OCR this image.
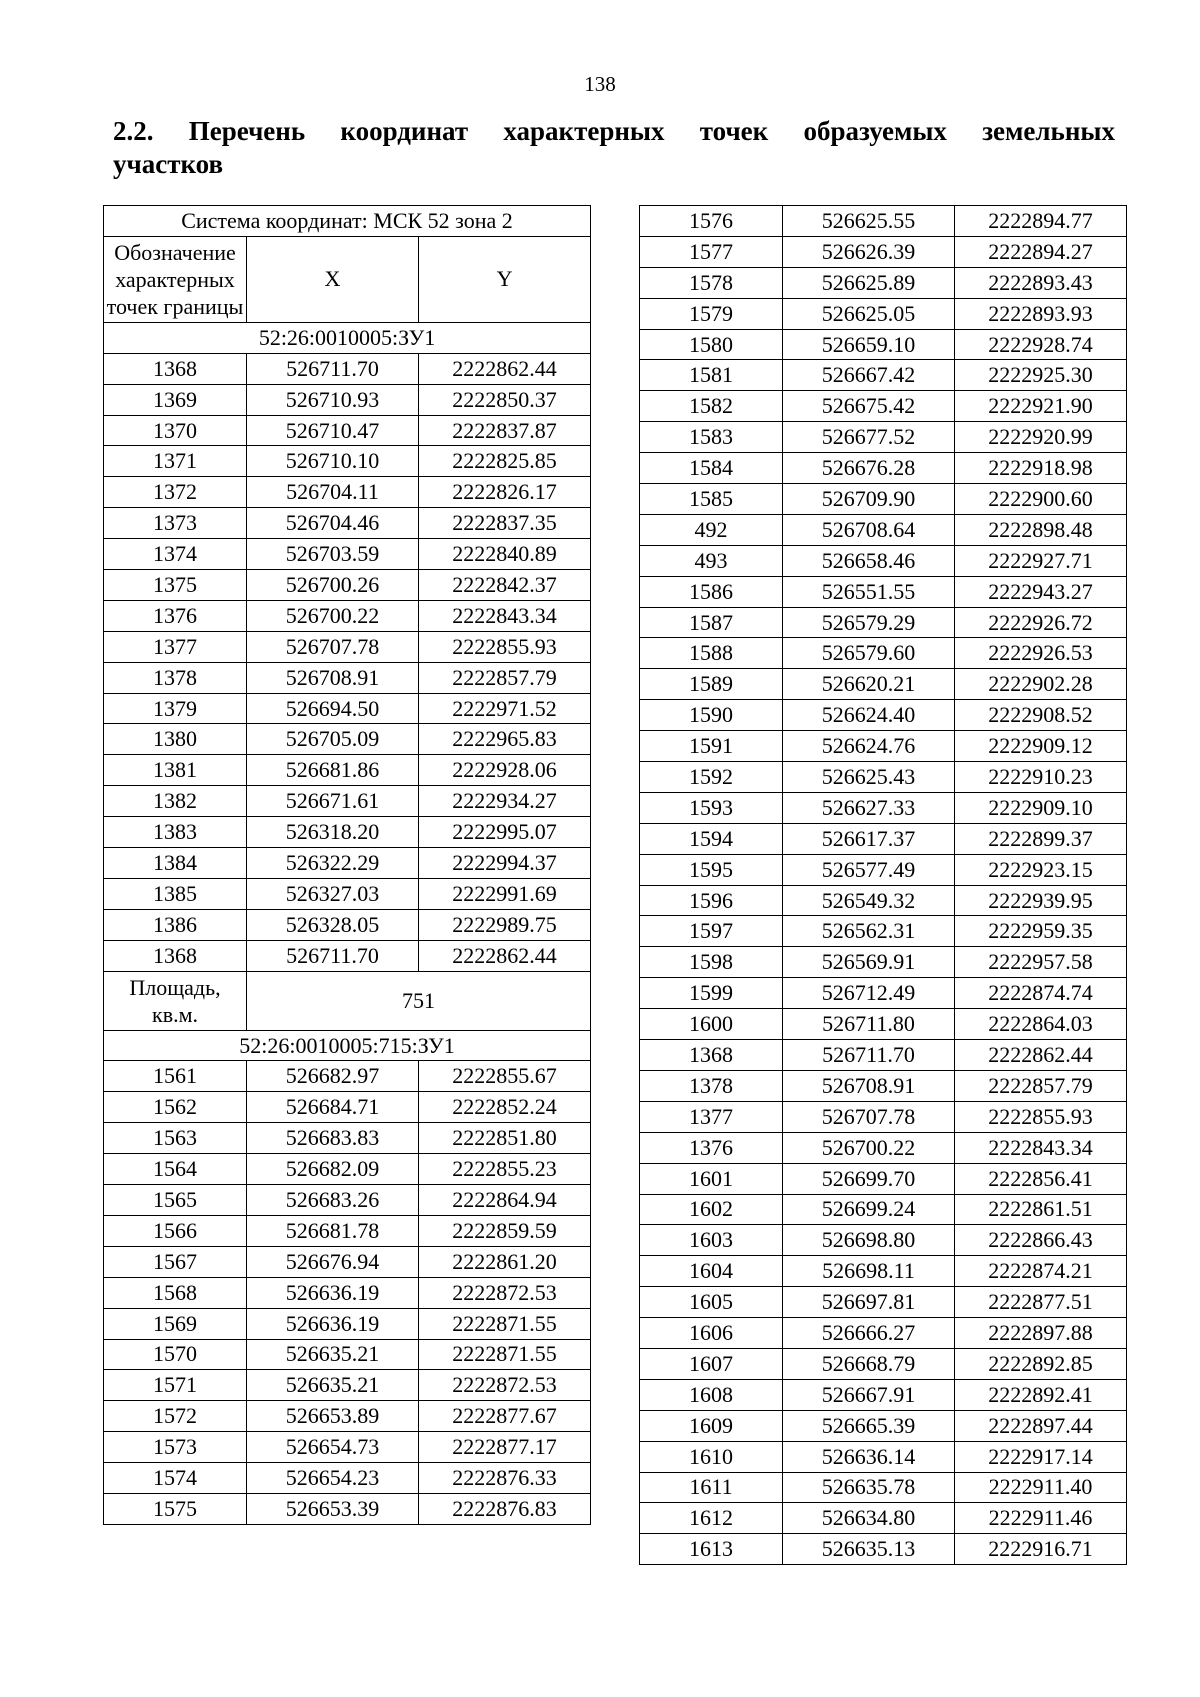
138
2.2. Перечень координат характерных точек образуемых земельных
участков
Система координат: МСК 52 зона 2		
Обозначение характерных точек границы	X	Y
52:26:0010005:ЗУ1		
1368	526711.70	2222862.44
1369	526710.93	2222850.37
1370	526710.47	2222837.87
1371	526710.10	2222825.85
1372	526704.11	2222826.17
1373	526704.46	2222837.35
1374	526703.59	2222840.89
1375	526700.26	2222842.37
1376	526700.22	2222843.34
1377	526707.78	2222855.93
1378	526708.91	2222857.79
1379	526694.50	2222971.52
1380	526705.09	2222965.83
1381	526681.86	2222928.06
1382	526671.61	2222934.27
1383	526318.20	2222995.07
1384	526322.29	2222994.37
1385	526327.03	2222991.69
1386	526328.05	2222989.75
1368	526711.70	2222862.44
Площадь, кв.м.	751	
52:26:0010005:715:ЗУ1		
1561	526682.97	2222855.67
1562	526684.71	2222852.24
1563	526683.83	2222851.80
1564	526682.09	2222855.23
1565	526683.26	2222864.94
1566	526681.78	2222859.59
1567	526676.94	2222861.20
1568	526636.19	2222872.53
1569	526636.19	2222871.55
1570	526635.21	2222871.55
1571	526635.21	2222872.53
1572	526653.89	2222877.67
1573	526654.73	2222877.17
1574	526654.23	2222876.33
1575	526653.39	2222876.83
1576	526625.55	2222894.77
1577	526626.39	2222894.27
1578	526625.89	2222893.43
1579	526625.05	2222893.93
1580	526659.10	2222928.74
1581	526667.42	2222925.30
1582	526675.42	2222921.90
1583	526677.52	2222920.99
1584	526676.28	2222918.98
1585	526709.90	2222900.60
492	526708.64	2222898.48
493	526658.46	2222927.71
1586	526551.55	2222943.27
1587	526579.29	2222926.72
1588	526579.60	2222926.53
1589	526620.21	2222902.28
1590	526624.40	2222908.52
1591	526624.76	2222909.12
1592	526625.43	2222910.23
1593	526627.33	2222909.10
1594	526617.37	2222899.37
1595	526577.49	2222923.15
1596	526549.32	2222939.95
1597	526562.31	2222959.35
1598	526569.91	2222957.58
1599	526712.49	2222874.74
1600	526711.80	2222864.03
1368	526711.70	2222862.44
1378	526708.91	2222857.79
1377	526707.78	2222855.93
1376	526700.22	2222843.34
1601	526699.70	2222856.41
1602	526699.24	2222861.51
1603	526698.80	2222866.43
1604	526698.11	2222874.21
1605	526697.81	2222877.51
1606	526666.27	2222897.88
1607	526668.79	2222892.85
1608	526667.91	2222892.41
1609	526665.39	2222897.44
1610	526636.14	2222917.14
1611	526635.78	2222911.40
1612	526634.80	2222911.46
1613	526635.13	2222916.71
